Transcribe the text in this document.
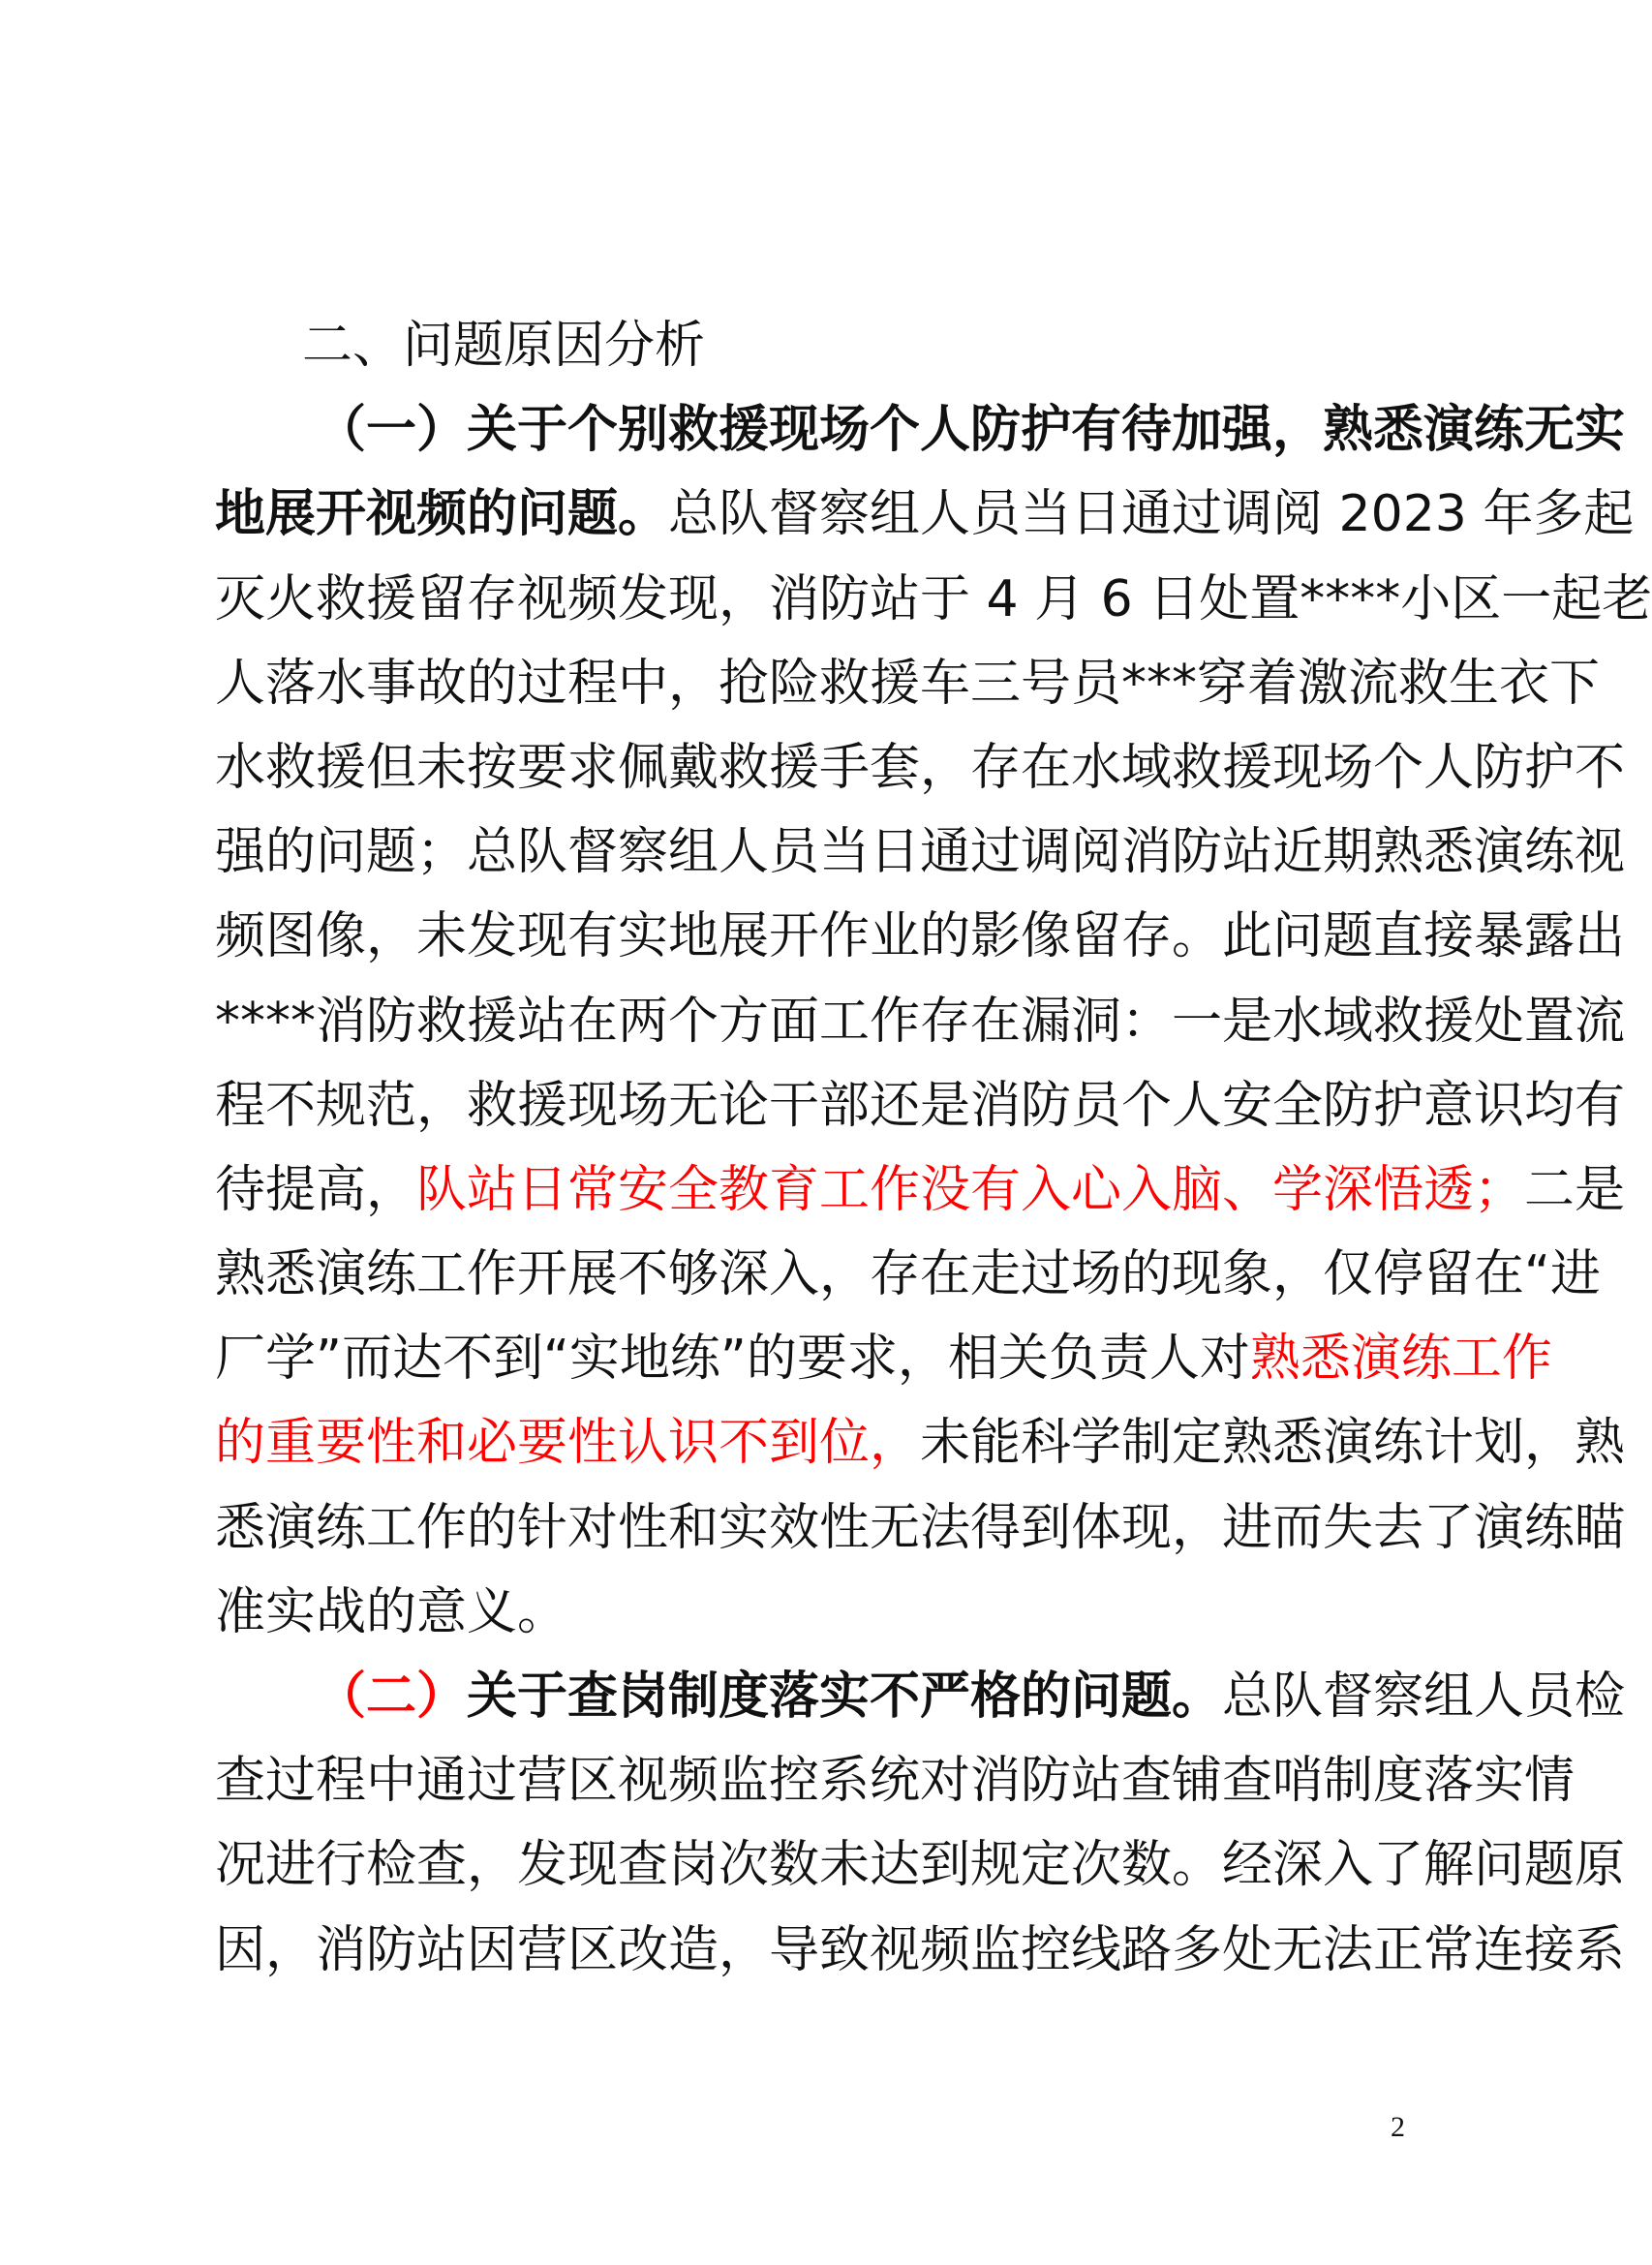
二、问题原因分析
（一）关于个别救援现场个人防护有待加强，熟悉演练无实
地展开视频的问题。总队督察组人员当日通过调阅 2023 年多起
灭火救援留存视频发现，消防站于 4 月 6 日处置****小区一起老
人落水事故的过程中，抢险救援车三号员***穿着激流救生衣下
水救援但未按要求佩戴救援手套，存在水域救援现场个人防护不
强的问题；总队督察组人员当日通过调阅消防站近期熟悉演练视
频图像，未发现有实地展开作业的影像留存。此问题直接暴露出
****消防救援站在两个方面工作存在漏洞：一是水域救援处置流
程不规范，救援现场无论干部还是消防员个人安全防护意识均有
待提高，队站日常安全教育工作没有入心入脑、学深悟透；二是
熟悉演练工作开展不够深入，存在走过场的现象，仅停留在“进
厂学”而达不到“实地练”的要求，相关负责人对熟悉演练工作
的重要性和必要性认识不到位，未能科学制定熟悉演练计划，熟
悉演练工作的针对性和实效性无法得到体现，进而失去了演练瞄
准实战的意义。
（二）关于查岗制度落实不严格的问题。总队督察组人员检
查过程中通过营区视频监控系统对消防站查铺查哨制度落实情
况进行检查，发现查岗次数未达到规定次数。经深入了解问题原
因，消防站因营区改造，导致视频监控线路多处无法正常连接系
2
